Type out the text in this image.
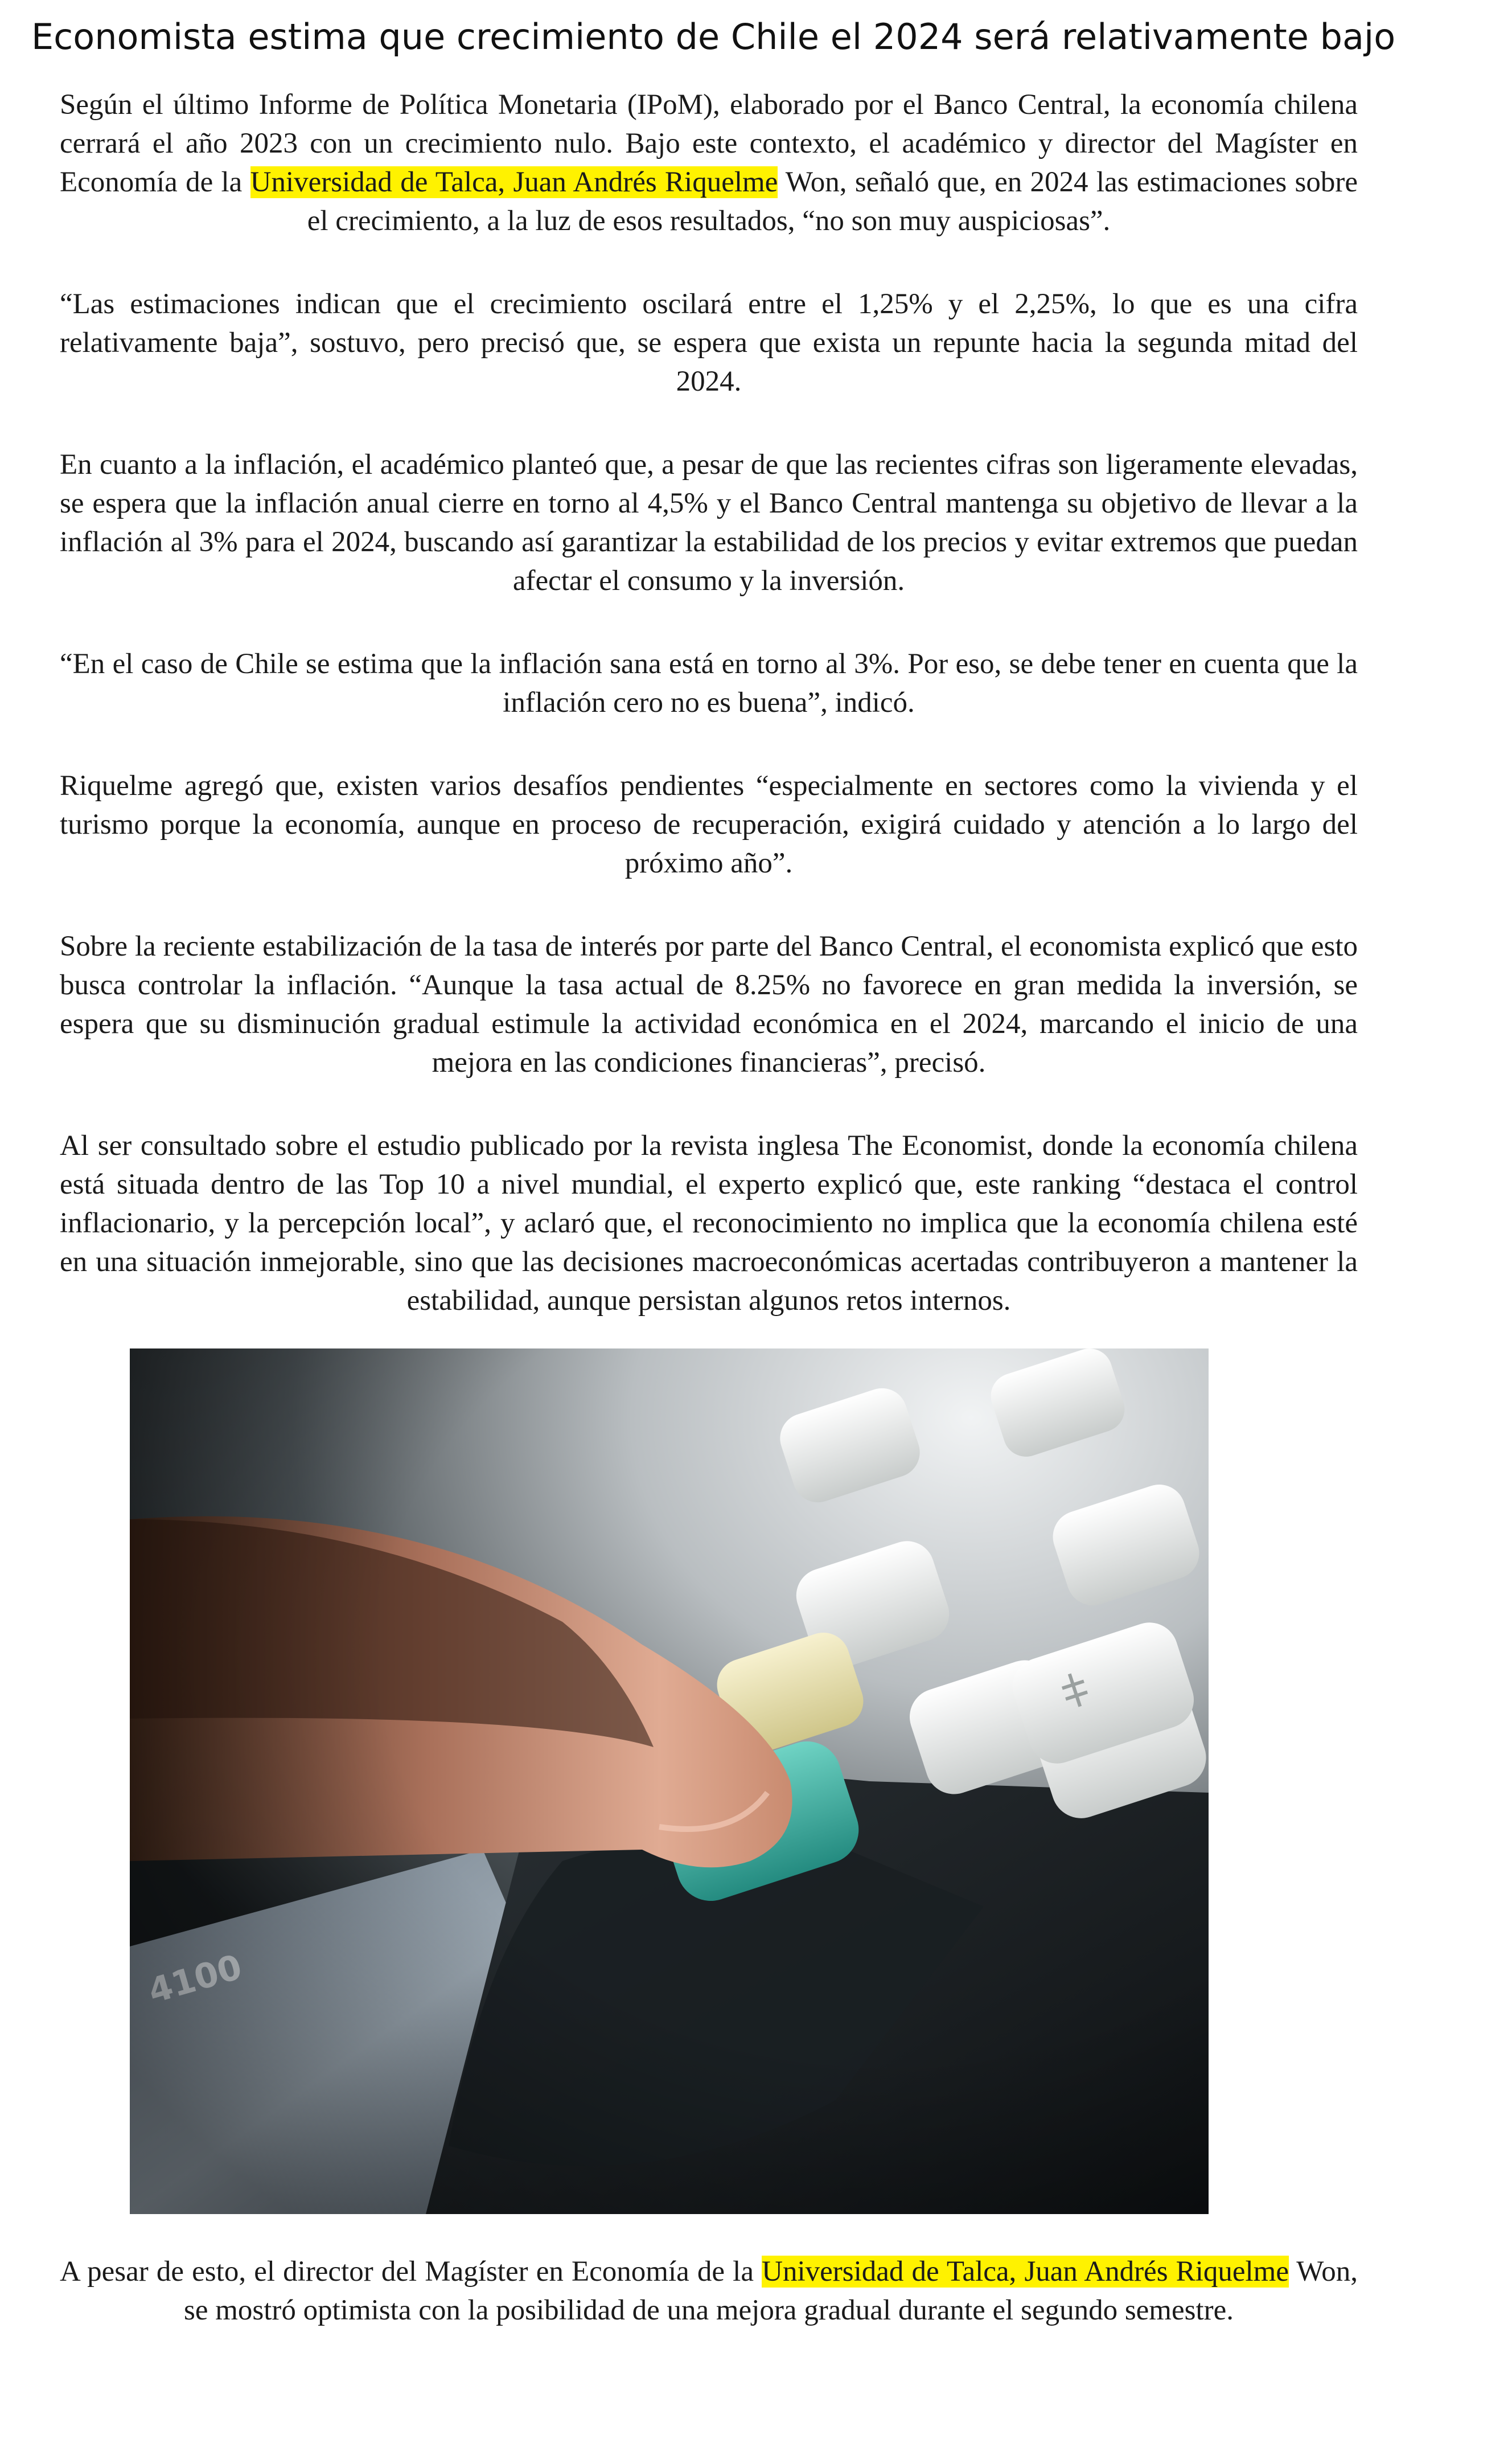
Economista estima que crecimiento de Chile el 2024 será relativamente bajo

Según el último Informe de Política Monetaria (IPoM), elaborado por el Banco Central, la economía chilena cerrará el año 2023 con un crecimiento nulo. Bajo este contexto, el académico y director del Magíster en Economía de la Universidad de Talca, Juan Andrés Riquelme Won, señaló que, en 2024 las estimaciones sobre el crecimiento, a la luz de esos resultados, “no son muy auspiciosas”.

“Las estimaciones indican que el crecimiento oscilará entre el 1,25% y el 2,25%, lo que es una cifra relativamente baja”, sostuvo, pero precisó que, se espera que exista un repunte hacia la segunda mitad del 2024.

En cuanto a la inflación, el académico planteó que, a pesar de que las recientes cifras son ligeramente elevadas, se espera que la inflación anual cierre en torno al 4,5% y el Banco Central mantenga su objetivo de llevar a la inflación al 3% para el 2024, buscando así garantizar la estabilidad de los precios y evitar extremos que puedan afectar el consumo y la inversión.

“En el caso de Chile se estima que la inflación sana está en torno al 3%. Por eso, se debe tener en cuenta que la inflación cero no es buena”, indicó.

Riquelme agregó que, existen varios desafíos pendientes “especialmente en sectores como la vivienda y el turismo porque la economía, aunque en proceso de recuperación, exigirá cuidado y atención a lo largo del próximo año”.

Sobre la reciente estabilización de la tasa de interés por parte del Banco Central, el economista explicó que esto busca controlar la inflación. “Aunque la tasa actual de 8.25% no favorece en gran medida la inversión, se espera que su disminución gradual estimule la actividad económica en el 2024, marcando el inicio de una mejora en las condiciones financieras”, precisó.

Al ser consultado sobre el estudio publicado por la revista inglesa The Economist, donde la economía chilena está situada dentro de las Top 10 a nivel mundial, el experto explicó que, este ranking “destaca el control inflacionario, y la percepción local”, y aclaró que, el reconocimiento no implica que la economía chilena esté en una situación inmejorable, sino que las decisiones macroeconómicas acertadas contribuyeron a mantener la estabilidad, aunque persistan algunos retos internos.

A pesar de esto, el director del Magíster en Economía de la Universidad de Talca, Juan Andrés Riquelme Won, se mostró optimista con la posibilidad de una mejora gradual durante el segundo semestre.
